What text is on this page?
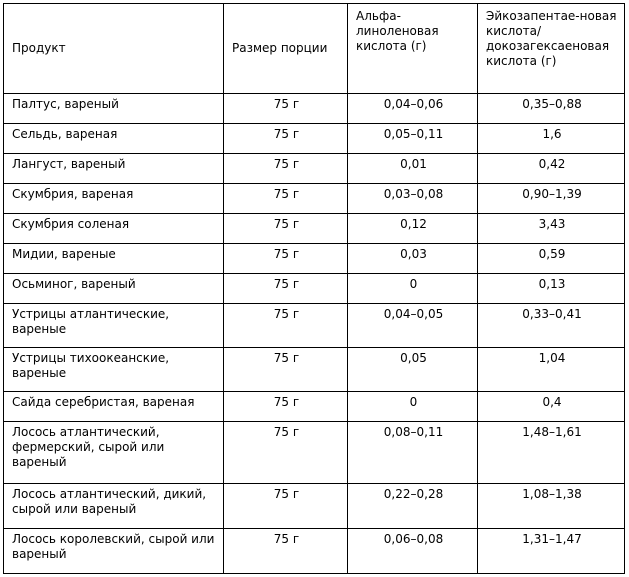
Продукт	Размер порции	Альфа-линоленовая кислота (г)	Эйкозапентае-новая кислота/ докозагексаеновая кислота (г)
Палтус, вареный	75 г	0,04–0,06	0,35–0,88
Сельдь, вареная	75 г	0,05–0,11	1,6
Лангуст, вареный	75 г	0,01	0,42
Скумбрия, вареная	75 г	0,03–0,08	0,90–1,39
Скумбрия соленая	75 г	0,12	3,43
Мидии, вареные	75 г	0,03	0,59
Осьминог, вареный	75 г	0	0,13
Устрицы атлантические, вареные	75 г	0,04–0,05	0,33–0,41
Устрицы тихоокеанские, вареные	75 г	0,05	1,04
Сайда серебристая, вареная	75 г	0	0,4
Лосось атлантический, фермерский, сырой или вареный	75 г	0,08–0,11	1,48–1,61
Лосось атлантический, дикий, сырой или вареный	75 г	0,22–0,28	1,08–1,38
Лосось королевский, сырой или вареный	75 г	0,06–0,08	1,31–1,47
